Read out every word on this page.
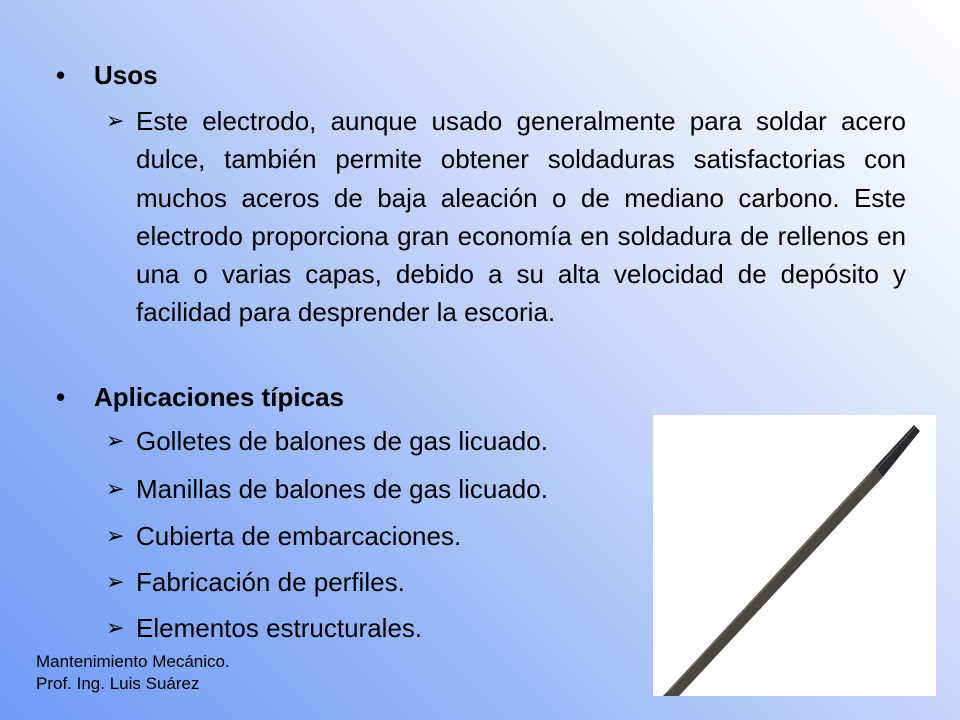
•	Usos
➢ Este electrodo, aunque usado generalmente para soldar acero dulce, también permite obtener soldaduras satisfactorias con muchos aceros de baja aleación o de mediano carbono. Este electrodo proporciona gran economía en soldadura de rellenos en una o varias capas, debido a su alta velocidad de depósito y facilidad para desprender la escoria.
•	Aplicaciones típicas
➢ Golletes de balones de gas licuado.
➢ Manillas de balones de gas licuado.
➢ Cubierta de embarcaciones.
➢ Fabricación de perfiles.
➢ Elementos estructurales.
Mantenimiento Mecánico.
Prof. Ing. Luis Suárez
